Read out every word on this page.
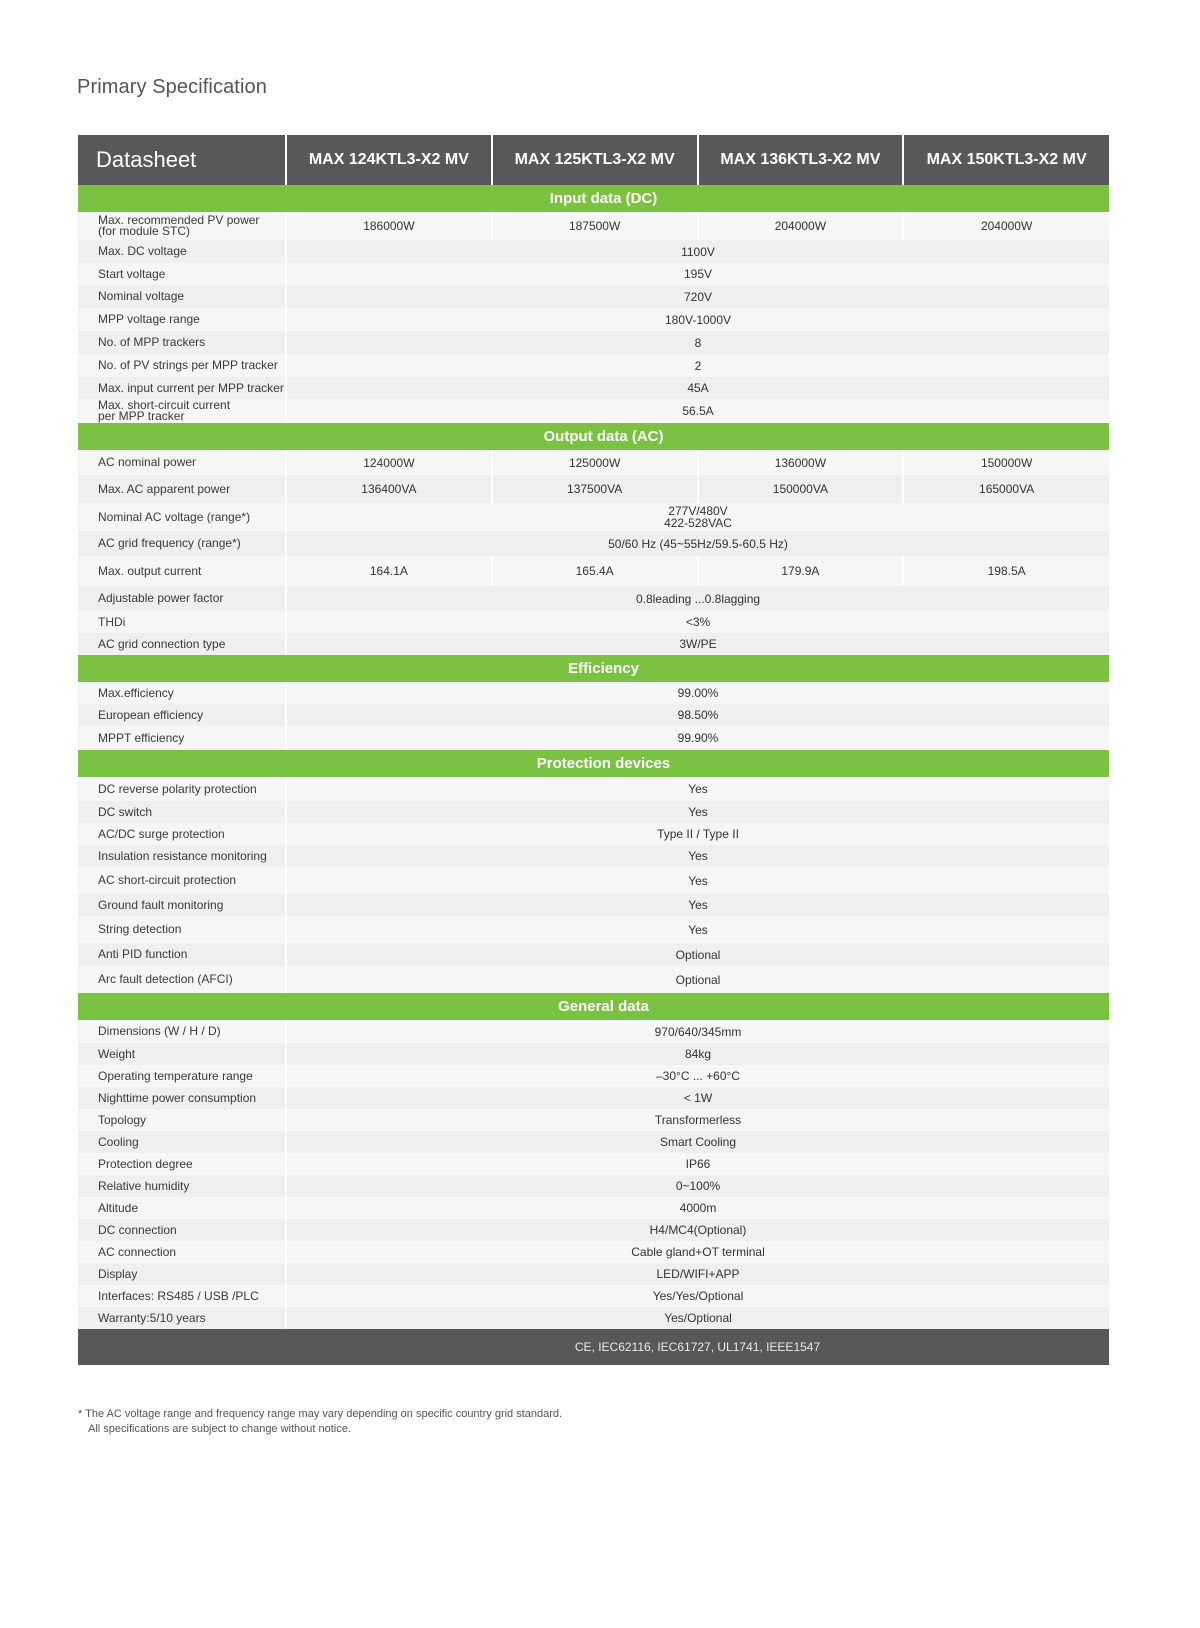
Primary Specification
Datasheet	MAX 124KTL3-X2 MV	MAX 125KTL3-X2 MV	MAX 136KTL3-X2 MV	MAX 150KTL3-X2 MV
Input data (DC)				
Max. recommended PV power
(for module STC)	186000W	187500W	204000W	204000W
Max. DC voltage	1100V			
Start voltage	195V			
Nominal voltage	720V			
MPP voltage range	180V-1000V			
No. of MPP trackers	8			
No. of PV strings per MPP tracker	2			
Max. input current per MPP tracker	45A			
Max. short-circuit current
per MPP tracker	56.5A			
Output data (AC)				
AC nominal power	124000W	125000W	136000W	150000W
Max. AC apparent power	136400VA	137500VA	150000VA	165000VA
Nominal AC voltage (range*)	277V/480V
422-528VAC			
AC grid frequency (range*)	50/60 Hz (45~55Hz/59.5-60.5 Hz)			
Max. output current	164.1A	165.4A	179.9A	198.5A
Adjustable power factor	0.8leading ...0.8lagging			
THDi	<3%			
AC grid connection type	3W/PE			
Efficiency				
Max.efficiency	99.00%			
European efficiency	98.50%			
MPPT efficiency	99.90%			
Protection devices				
DC reverse polarity protection	Yes			
DC switch	Yes			
AC/DC surge protection	Type II / Type II			
Insulation resistance monitoring	Yes			
AC short-circuit protection	Yes			
Ground fault monitoring	Yes			
String detection	Yes			
Anti PID function	Optional			
Arc fault detection (AFCI)	Optional			
General data				
Dimensions (W / H / D)	970/640/345mm			
Weight	84kg			
Operating temperature range	–30°C ... +60°C			
Nighttime power consumption	< 1W			
Topology	Transformerless			
Cooling	Smart Cooling			
Protection degree	IP66			
Relative humidity	0~100%			
Altitude	4000m			
DC connection	H4/MC4(Optional)			
AC connection	Cable gland+OT terminal			
Display	LED/WIFI+APP			
Interfaces: RS485 / USB /PLC	Yes/Yes/Optional			
Warranty:5/10 years	Yes/Optional			
CE, IEC62116, IEC61727, UL1741, IEEE1547
* The AC voltage range and frequency range may vary depending on specific country grid standard.
All specifications are subject to change without notice.
